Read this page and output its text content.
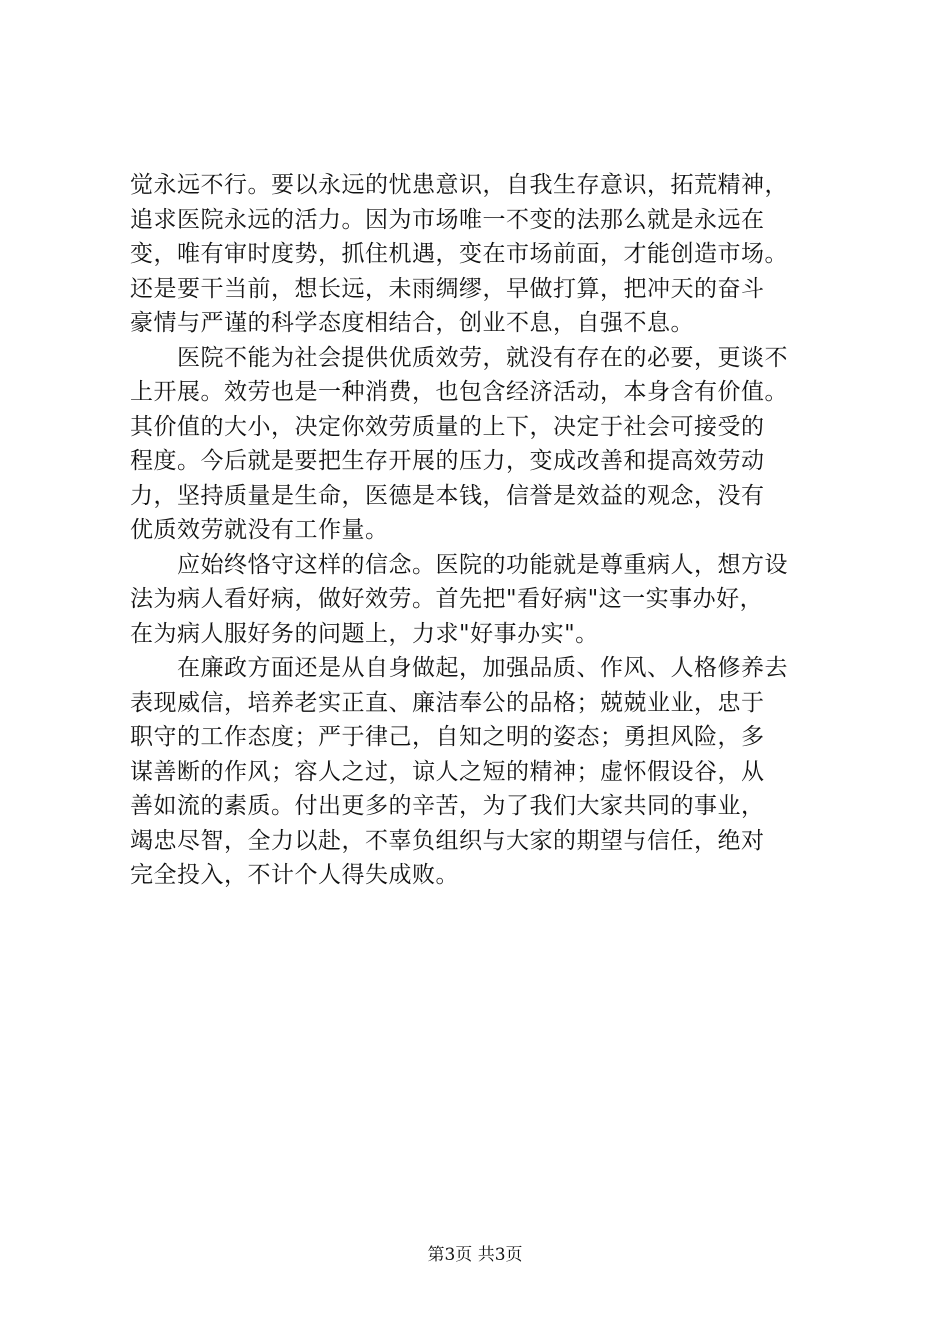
觉永远不行。要以永远的忧患意识，自我生存意识，拓荒精神，
追求医院永远的活力。因为市场唯一不变的法那么就是永远在
变，唯有审时度势，抓住机遇，变在市场前面，才能创造市场。
还是要干当前，想长远，未雨绸缪，早做打算，把冲天的奋斗
豪情与严谨的科学态度相结合，创业不息，自强不息。
　　医院不能为社会提供优质效劳，就没有存在的必要，更谈不
上开展。效劳也是一种消费，也包含经济活动，本身含有价值。
其价值的大小，决定你效劳质量的上下，决定于社会可接受的
程度。今后就是要把生存开展的压力，变成改善和提高效劳动
力，坚持质量是生命，医德是本钱，信誉是效益的观念，没有
优质效劳就没有工作量。
　　应始终恪守这样的信念。医院的功能就是尊重病人，想方设
法为病人看好病，做好效劳。首先把"看好病"这一实事办好，
在为病人服好务的问题上，力求"好事办实"。
　　在廉政方面还是从自身做起，加强品质、作风、人格修养去
表现威信，培养老实正直、廉洁奉公的品格；兢兢业业，忠于
职守的工作态度；严于律己，自知之明的姿态；勇担风险，多
谋善断的作风；容人之过，谅人之短的精神；虚怀假设谷，从
善如流的素质。付出更多的辛苦，为了我们大家共同的事业，
竭忠尽智，全力以赴，不辜负组织与大家的期望与信任，绝对
完全投入，不计个人得失成败。
第3页 共3页
